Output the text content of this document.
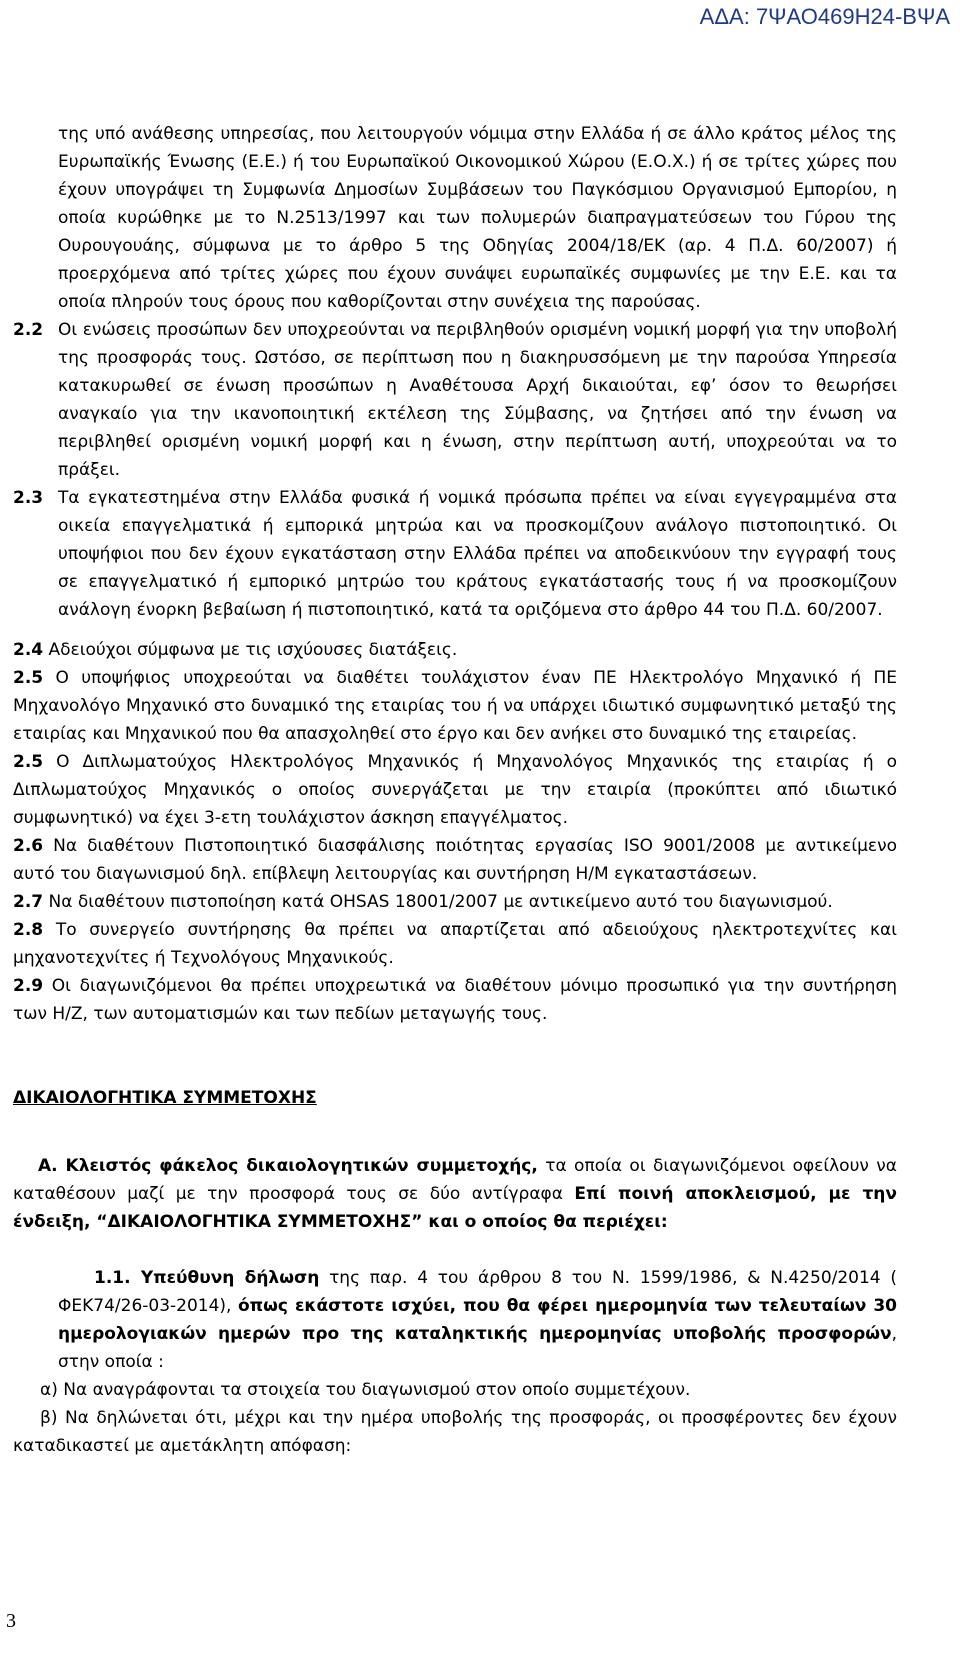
ΑΔΑ: 7ΨΑΟ469Η24-ΒΨΑ

της υπό ανάθεσης υπηρεσίας, που λειτουργούν νόμιμα στην Ελλάδα ή σε άλλο κράτος μέλος της Ευρωπαϊκής Ένωσης (Ε.Ε.) ή του Ευρωπαϊκού Οικονομικού Χώρου (Ε.Ο.Χ.) ή σε τρίτες χώρες που έχουν υπογράψει τη Συμφωνία Δημοσίων Συμβάσεων του Παγκόσμιου Οργανισμού Εμπορίου, η οποία κυρώθηκε με το Ν.2513/1997 και των πολυμερών διαπραγματεύσεων του Γύρου της Ουρουγουάης, σύμφωνα με το άρθρο 5 της Οδηγίας 2004/18/ΕΚ (αρ. 4 Π.Δ. 60/2007) ή προερχόμενα από τρίτες χώρες που έχουν συνάψει ευρωπαϊκές συμφωνίες με την Ε.Ε. και τα οποία πληρούν τους όρους που καθορίζονται στην συνέχεια της παρούσας.

2.2 Οι ενώσεις προσώπων δεν υποχρεούνται να περιβληθούν ορισμένη νομική μορφή για την υποβολή της προσφοράς τους. Ωστόσο, σε περίπτωση που η διακηρυσσόμενη με την παρούσα Υπηρεσία κατακυρωθεί σε ένωση προσώπων η Αναθέτουσα Αρχή δικαιούται, εφ’ όσον το θεωρήσει αναγκαίο για την ικανοποιητική εκτέλεση της Σύμβασης, να ζητήσει από την ένωση να περιβληθεί ορισμένη νομική μορφή και η ένωση, στην περίπτωση αυτή, υποχρεούται να το πράξει.

2.3 Τα εγκατεστημένα στην Ελλάδα φυσικά ή νομικά πρόσωπα πρέπει να είναι εγγεγραμμένα στα οικεία επαγγελματικά ή εμπορικά μητρώα και να προσκομίζουν ανάλογο πιστοποιητικό. Οι υποψήφιοι που δεν έχουν εγκατάσταση στην Ελλάδα πρέπει να αποδεικνύουν την εγγραφή τους σε επαγγελματικό ή εμπορικό μητρώο του κράτους εγκατάστασής τους ή να προσκομίζουν ανάλογη ένορκη βεβαίωση ή πιστοποιητικό, κατά τα οριζόμενα στο άρθρο 44 του Π.Δ. 60/2007.

2.4 Αδειούχοι σύμφωνα με τις ισχύουσες διατάξεις.

2.5 Ο υποψήφιος υποχρεούται να διαθέτει τουλάχιστον έναν ΠΕ Ηλεκτρολόγο Μηχανικό ή ΠΕ Μηχανολόγο Μηχανικό στο δυναμικό της εταιρίας του ή να υπάρχει ιδιωτικό συμφωνητικό μεταξύ της εταιρίας και Μηχανικού που θα απασχοληθεί στο έργο και δεν ανήκει στο δυναμικό της εταιρείας.

2.5 Ο Διπλωματούχος Ηλεκτρολόγος Μηχανικός ή Μηχανολόγος Μηχανικός της εταιρίας ή ο Διπλωματούχος Μηχανικός ο οποίος συνεργάζεται με την εταιρία (προκύπτει από ιδιωτικό συμφωνητικό) να έχει 3-ετη τουλάχιστον άσκηση επαγγέλματος.

2.6 Να διαθέτουν Πιστοποιητικό διασφάλισης ποιότητας εργασίας ISO 9001/2008 με αντικείμενο αυτό του διαγωνισμού δηλ. επίβλεψη λειτουργίας και συντήρηση Η/Μ εγκαταστάσεων.

2.7 Να διαθέτουν πιστοποίηση κατά OHSAS 18001/2007 με αντικείμενο αυτό του διαγωνισμού.

2.8 Το συνεργείο συντήρησης θα πρέπει να απαρτίζεται από αδειούχους ηλεκτροτεχνίτες και μηχανοτεχνίτες ή Τεχνολόγους Μηχανικούς.

2.9 Οι διαγωνιζόμενοι θα πρέπει υποχρεωτικά να διαθέτουν μόνιμο προσωπικό για την συντήρηση των Η/Ζ, των αυτοματισμών και των πεδίων μεταγωγής τους.

ΔΙΚΑΙΟΛΟΓΗΤΙΚΑ ΣΥΜΜΕΤΟΧΗΣ

Α. Κλειστός φάκελος δικαιολογητικών συμμετοχής, τα οποία οι διαγωνιζόμενοι οφείλουν να καταθέσουν μαζί με την προσφορά τους σε δύο αντίγραφα Επί ποινή αποκλεισμού, με την ένδειξη, “ΔΙΚΑΙΟΛΟΓΗΤΙΚΑ ΣΥΜΜΕΤΟΧΗΣ” και ο οποίος θα περιέχει:

1.1. Υπεύθυνη δήλωση της παρ. 4 του άρθρου 8 του Ν. 1599/1986, & Ν.4250/2014 ( ΦΕΚ74/26-03-2014), όπως εκάστοτε ισχύει, που θα φέρει ημερομηνία των τελευταίων 30 ημερολογιακών ημερών προ της καταληκτικής ημερομηνίας υποβολής προσφορών, στην οποία :

α) Να αναγράφονται τα στοιχεία του διαγωνισμού στον οποίο συμμετέχουν.

β) Να δηλώνεται ότι, μέχρι και την ημέρα υποβολής της προσφοράς, οι προσφέροντες δεν έχουν καταδικαστεί με αμετάκλητη απόφαση:

3
